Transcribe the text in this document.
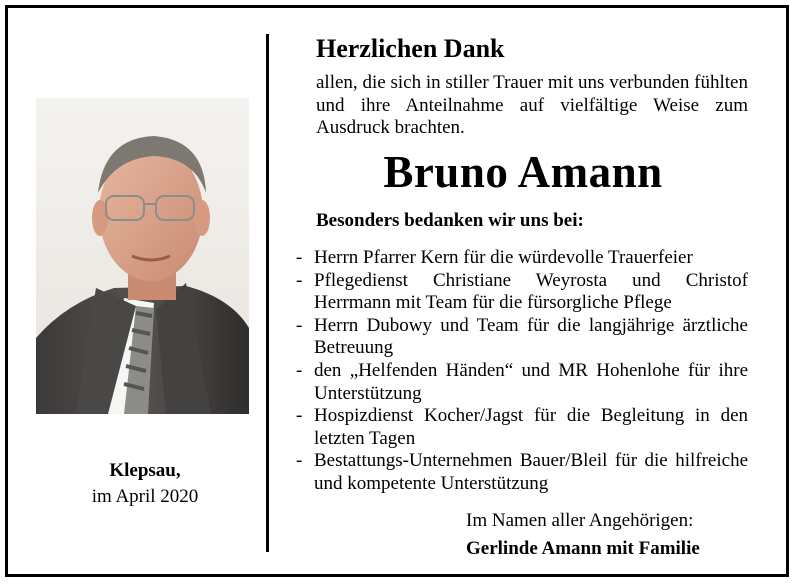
Klepsau,
im April 2020
Herzlichen Dank
allen, die sich in stiller Trauer mit uns verbunden fühlten und ihre Anteilnahme auf vielfältige Weise zum Ausdruck brachten.
Bruno Amann
Besonders bedanken wir uns bei:
- Herrn Pfarrer Kern für die würdevolle Trauerfeier
- Pflegedienst Christiane Weyrosta und Christof Herrmann mit Team für die fürsorgliche Pflege
- Herrn Dubowy und Team für die langjährige ärztliche Betreuung
- den „Helfenden Händen“ und MR Hohenlohe für ihre Unterstützung
- Hospizdienst Kocher/Jagst für die Begleitung in den letzten Tagen
- Bestattungs-Unternehmen Bauer/Bleil für die hilfreiche und kompetente Unterstützung
Im Namen aller Angehörigen:
Gerlinde Amann mit Familie
